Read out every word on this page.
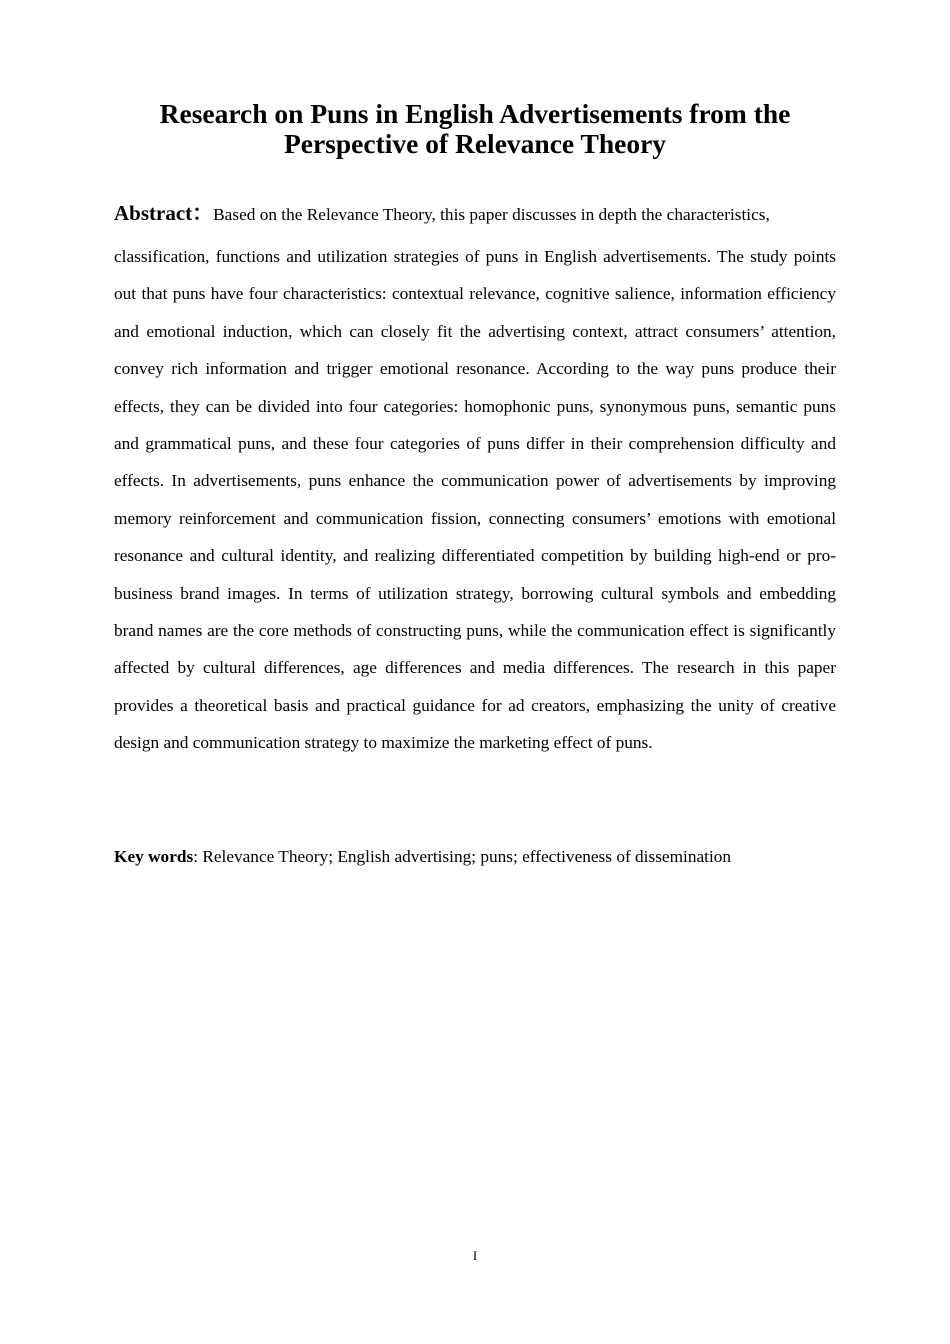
Research on Puns in English Advertisements from the
Perspective of Relevance Theory
Abstract：Based on the Relevance Theory, this paper discusses in depth the characteristics,
classification, functions and utilization strategies of puns in English advertisements. The study points out that puns have four characteristics: contextual relevance, cognitive salience, information efficiency and emotional induction, which can closely fit the advertising context, attract consumers’ attention, convey rich information and trigger emotional resonance. According to the way puns produce their effects, they can be divided into four categories: homophonic puns, synonymous puns, semantic puns and grammatical puns, and these four categories of puns differ in their comprehension difficulty and effects. In advertisements, puns enhance the communication power of advertisements by improving memory reinforcement and communication fission, connecting consumers’ emotions with emotional resonance and cultural identity, and realizing differentiated competition by building high-end or pro-business brand images. In terms of utilization strategy, borrowing cultural symbols and embedding brand names are the core methods of constructing puns, while the communication effect is significantly affected by cultural differences, age differences and media differences. The research in this paper provides a theoretical basis and practical guidance for ad creators, emphasizing the unity of creative design and communication strategy to maximize the marketing effect of puns.

Key words: Relevance Theory; English advertising; puns; effectiveness of dissemination

I
